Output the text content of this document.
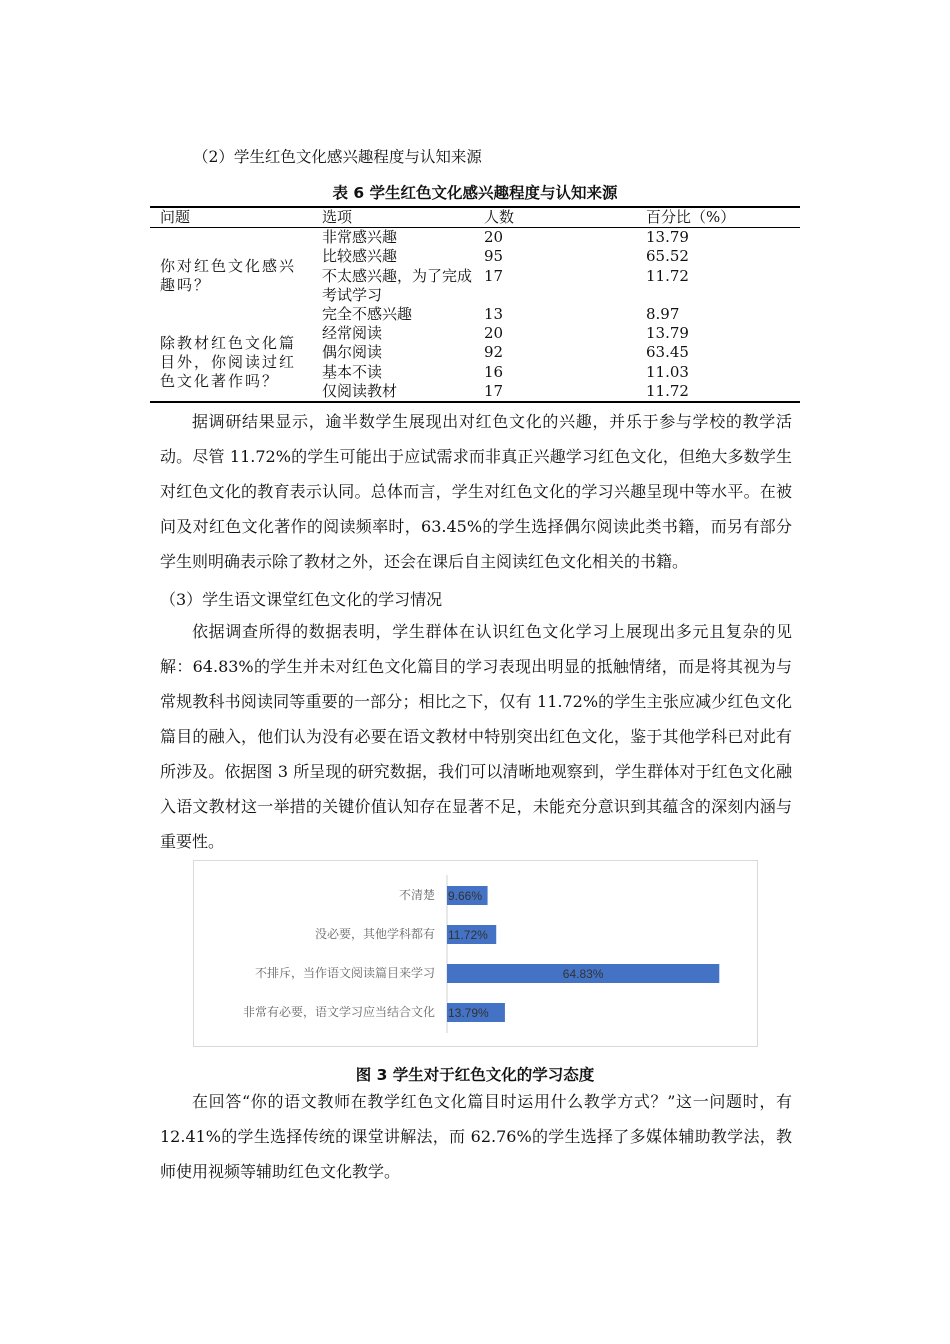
（2）学生红色文化感兴趣程度与认知来源
表 6 学生红色文化感兴趣程度与认知来源
问题	选项	人数	百分比（%）
你对红色文化感兴趣吗？	非常感兴趣	20	13.79
	比较感兴趣	95	65.52
	不太感兴趣，为了完成考试学习	17	11.72
	完全不感兴趣	13	8.97
除教材红色文化篇目外，你阅读过红色文化著作吗？	经常阅读	20	13.79
	偶尔阅读	92	63.45
	基本不读	16	11.03
	仅阅读教材	17	11.72

据调研结果显示，逾半数学生展现出对红色文化的兴趣，并乐于参与学校的教学活动。尽管 11.72%的学生可能出于应试需求而非真正兴趣学习红色文化，但绝大多数学生对红色文化的教育表示认同。总体而言，学生对红色文化的学习兴趣呈现中等水平。在被问及对红色文化著作的阅读频率时，63.45%的学生选择偶尔阅读此类书籍，而另有部分学生则明确表示除了教材之外，还会在课后自主阅读红色文化相关的书籍。

（3）学生语文课堂红色文化的学习情况

依据调查所得的数据表明，学生群体在认识红色文化学习上展现出多元且复杂的见解：64.83%的学生并未对红色文化篇目的学习表现出明显的抵触情绪，而是将其视为与常规教科书阅读同等重要的一部分；相比之下，仅有 11.72%的学生主张应减少红色文化篇目的融入，他们认为没有必要在语文教材中特别突出红色文化，鉴于其他学科已对此有所涉及。依据图 3 所呈现的研究数据，我们可以清晰地观察到，学生群体对于红色文化融入语文教材这一举措的关键价值认知存在显著不足，未能充分意识到其蕴含的深刻内涵与重要性。

不清楚 9.66%
没必要，其他学科都有 11.72%
不排斥，当作语文阅读篇目来学习	64.83%
非常有必要，语文学习应当结合文化 13.79%
图 3 学生对于红色文化的学习态度

在回答“你的语文教师在教学红色文化篇目时运用什么教学方式？”这一问题时，有 12.41%的学生选择传统的课堂讲解法，而 62.76%的学生选择了多媒体辅助教学法，教师使用视频等辅助红色文化教学。
